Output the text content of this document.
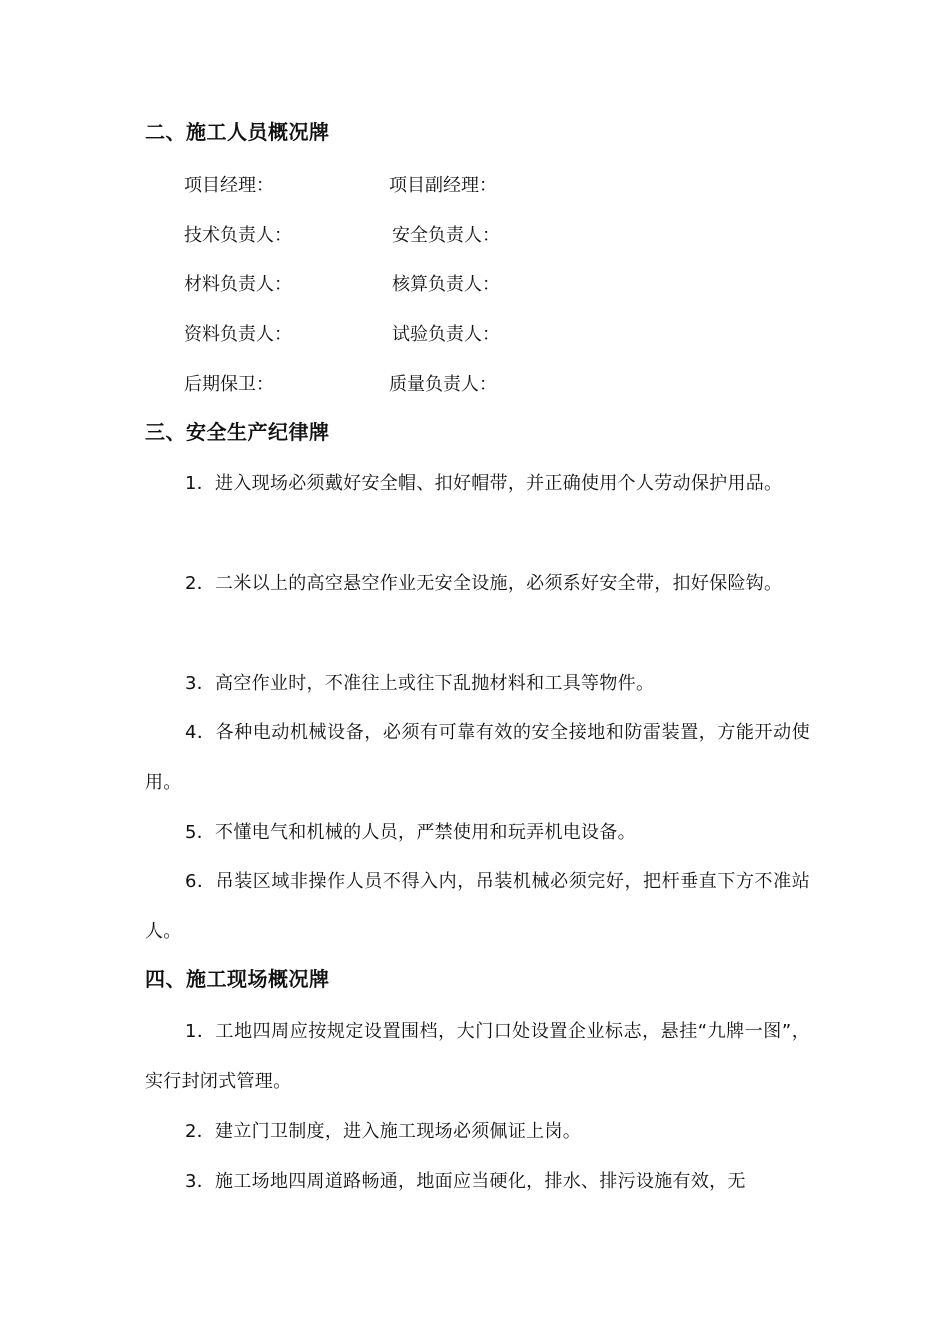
二、施工人员概况牌
项目经理：	项目副经理：
技术负责人：	安全负责人：
材料负责人：	核算负责人：
资料负责人：	试验负责人：
后期保卫：	质量负责人：
三、安全生产纪律牌
1．进入现场必须戴好安全帽、扣好帽带，并正确使用个人劳动保护用品。
2．二米以上的高空悬空作业无安全设施，必须系好安全带，扣好保险钩。
3．高空作业时，不准往上或往下乱抛材料和工具等物件。
4．各种电动机械设备，必须有可靠有效的安全接地和防雷装置，方能开动使用。
5．不懂电气和机械的人员，严禁使用和玩弄机电设备。
6．吊装区域非操作人员不得入内，吊装机械必须完好，把杆垂直下方不准站人。
四、施工现场概况牌
1．工地四周应按规定设置围档，大门口处设置企业标志，悬挂“九牌一图”，实行封闭式管理。
2．建立门卫制度，进入施工现场必须佩证上岗。
3．施工场地四周道路畅通，地面应当硬化，排水、排污设施有效，无
